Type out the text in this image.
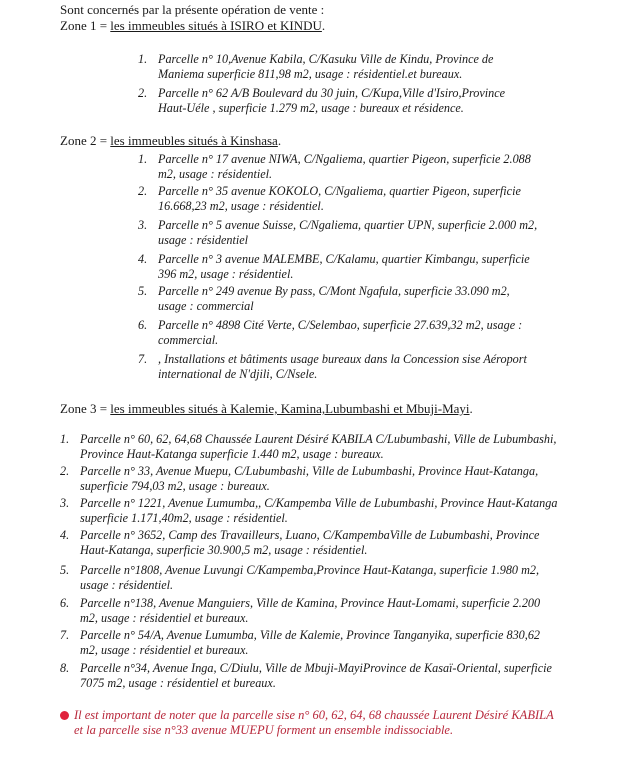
Sont concernés par la présente opération de vente :

Zone 1 = les immeubles situés à ISIRO et KINDU.

1. Parcelle n° 10,Avenue Kabila, C/Kasuku Ville de Kindu, Province de Maniema superficie 811,98 m2, usage : résidentiel.et bureaux.
2. Parcelle n° 62 A/B Boulevard du 30 juin, C/Kupa,Ville d'Isiro,Province Haut-Uéle , superficie 1.279 m2, usage : bureaux et résidence.

Zone 2 = les immeubles situés à Kinshasa.

1. Parcelle n° 17 avenue NIWA, C/Ngaliema, quartier Pigeon, superficie 2.088 m2, usage : résidentiel.
2. Parcelle n° 35 avenue KOKOLO, C/Ngaliema, quartier Pigeon, superficie 16.668,23 m2, usage : résidentiel.
3. Parcelle n° 5 avenue Suisse, C/Ngaliema, quartier UPN, superficie 2.000 m2, usage : résidentiel
4. Parcelle n° 3 avenue MALEMBE, C/Kalamu, quartier Kimbangu, superficie 396 m2, usage : résidentiel.
5. Parcelle n° 249 avenue By pass, C/Mont Ngafula, superficie 33.090 m2, usage : commercial
6. Parcelle n° 4898 Cité Verte, C/Selembao, superficie 27.639,32 m2, usage : commercial.
7. , Installations et bâtiments usage bureaux dans la Concession sise Aéroport international de N'djili, C/Nsele.

Zone 3 = les immeubles situés à Kalemie, Kamina,Lubumbashi et Mbuji-Mayi.

1. Parcelle n° 60, 62, 64,68 Chaussée Laurent Désiré KABILA C/Lubumbashi, Ville de Lubumbashi, Province Haut-Katanga superficie 1.440 m2, usage : bureaux.
2. Parcelle n° 33, Avenue Muepu, C/Lubumbashi, Ville de Lubumbashi, Province Haut-Katanga, superficie 794,03 m2, usage : bureaux.
3. Parcelle n° 1221, Avenue Lumumba,, C/Kampemba Ville de Lubumbashi, Province Haut-Katanga superficie 1.171,40m2, usage : résidentiel.
4. Parcelle n° 3652, Camp des Travailleurs, Luano, C/KampembaVille de Lubumbashi, Province Haut-Katanga, superficie 30.900,5 m2, usage : résidentiel.
5. Parcelle n°1808, Avenue Luvungi C/Kampemba,Province Haut-Katanga, superficie 1.980 m2, usage : résidentiel.
6. Parcelle n°138, Avenue Manguiers, Ville de Kamina, Province Haut-Lomami, superficie 2.200 m2, usage : résidentiel et bureaux.
7. Parcelle n° 54/A, Avenue Lumumba, Ville de Kalemie, Province Tanganyika, superficie 830,62 m2, usage : résidentiel et bureaux.
8. Parcelle n°34, Avenue Inga, C/Diulu, Ville de Mbuji-MayiProvince de Kasaï-Oriental, superficie 7075 m2, usage : résidentiel et bureaux.
Il est important de noter que la parcelle sise n° 60, 62, 64, 68 chaussée Laurent Désiré KABILA et la parcelle sise n°33 avenue MUEPU forment un ensemble indissociable.
